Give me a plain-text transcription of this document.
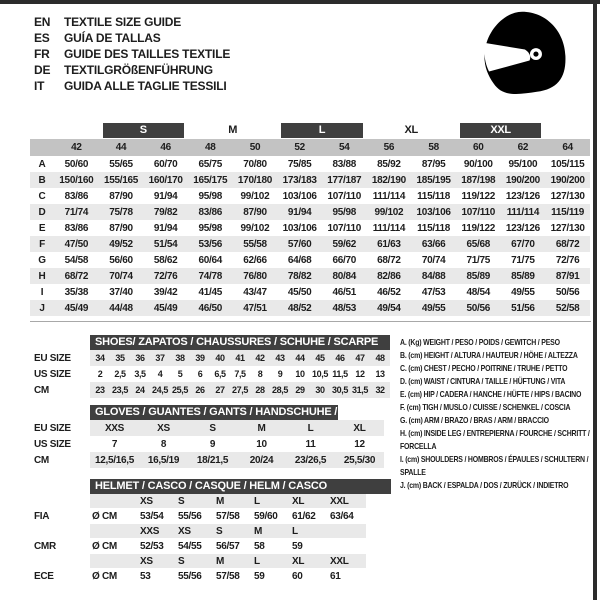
EN	TEXTILE SIZE GUIDE
ES	GUÍA DE TALLAS
FR	GUIDE DES TAILLES TEXTILE
DE	TEXTILGRÖßENFÜHRUNG
IT	GUIDA ALLE TAGLIE TESSILI

		S		M		L		XL		XXL		

	42	44	46	48	50	52	54	56	58	60	62	64
A	50/60	55/65	60/70	65/75	70/80	75/85	83/88	85/92	87/95	90/100	95/100	105/115
B	150/160	155/165	160/170	165/175	170/180	173/183	177/187	182/190	185/195	187/198	190/200	190/200
C	83/86	87/90	91/94	95/98	99/102	103/106	107/110	111/114	115/118	119/122	123/126	127/130
D	71/74	75/78	79/82	83/86	87/90	91/94	95/98	99/102	103/106	107/110	111/114	115/119
E	83/86	87/90	91/94	95/98	99/102	103/106	107/110	111/114	115/118	119/122	123/126	127/130
F	47/50	49/52	51/54	53/56	55/58	57/60	59/62	61/63	63/66	65/68	67/70	68/72
G	54/58	56/60	58/62	60/64	62/66	64/68	66/70	68/72	70/74	71/75	71/75	72/76
H	68/72	70/74	72/76	74/78	76/80	78/82	80/84	82/86	84/88	85/89	85/89	87/91
I	35/38	37/40	39/42	41/45	43/47	45/50	46/51	46/52	47/53	48/54	49/55	50/56
J	45/49	44/48	45/49	46/50	47/51	48/52	48/53	49/54	49/55	50/56	51/56	52/58

	SHOES/ ZAPATOS / CHAUSSURES / SCHUHE / SCARPE														

EU SIZE	34	35	36	37	38	39	40	41	42	43	44	45	46	47	48
US SIZE	2	2,5	3,5	4	5	6	6,5	7,5	8	9	10	10,5	11,5	12	13
CM	23	23,5	24	24,5	25,5	26	27	27,5	28	28,5	29	30	30,5	31,5	32

	GLOVES / GUANTES / GANTS / HANDSCHUHE / GUANTI					

EU SIZE	XXS	XS	S	M	L	XL
US SIZE	7	8	9	10	11	12
CM	12,5/16,5	16,5/19	18/21,5	20/24	23/26,5	25,5/30

	HELMET / CASCO / CASQUE / HELM / CASCO						

		XS	S	M	L	XL	XXL
FIA	Ø CM	53/54	55/56	57/58	59/60	61/62	63/64
		XXS	XS	S	M	L	
CMR	Ø CM	52/53	54/55	56/57	58	59	
		XS	S	M	L	XL	XXL
ECE	Ø CM	53	55/56	57/58	59	60	61
A. (Kg) WEIGHT / PESO / POIDS / GEWITCH / PESO
B. (cm) HEIGHT / ALTURA / HAUTEUR / HÖHE / ALTEZZA
C. (cm) CHEST / PECHO / POITRINE / TRUHE / PETTO
D. (cm) WAIST / CINTURA / TAILLE / HÜFTUNG / VITA
E. (cm) HIP / CADERA / HANCHE / HÜFTE / HIPS / BACINO
F. (cm) TIGH / MUSLO / CUISSE / SCHENKEL / COSCIA
G. (cm) ARM / BRAZO / BRAS / ARM / BRACCIO
H. (cm) INSIDE LEG / ENTREPIERNA / FOURCHE / SCHRITT / FORCELLA
I. (cm) SHOULDERS / HOMBROS / ÉPAULES / SCHULTERN / SPALLE
J. (cm) BACK / ESPALDA / DOS / ZURÜCK / INDIETRO
